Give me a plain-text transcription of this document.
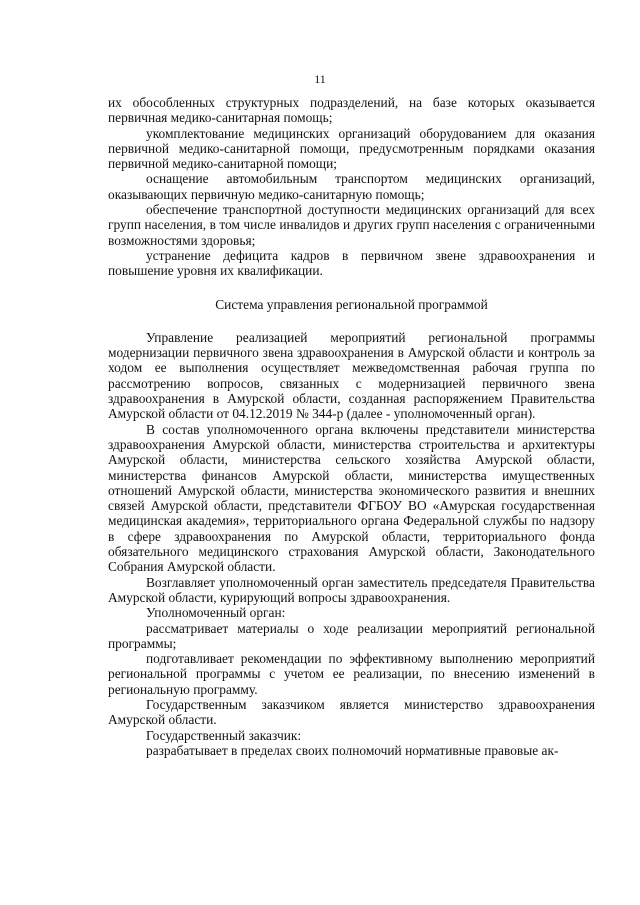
11

их обособленных структурных подразделений, на базе которых оказывается первичная медико-санитарная помощь;

укомплектование медицинских организаций оборудованием для оказания первичной медико-санитарной помощи, предусмотренным порядками оказания первичной медико-санитарной помощи;

оснащение автомобильным транспортом медицинских организаций, оказывающих первичную медико-санитарную помощь;

обеспечение транспортной доступности медицинских организаций для всех групп населения, в том числе инвалидов и других групп населения с ограниченными возможностями здоровья;

устранение дефицита кадров в первичном звене здравоохранения и повышение уровня их квалификации.

Система управления региональной программой

Управление реализацией мероприятий региональной программы модернизации первичного звена здравоохранения в Амурской области и контроль за ходом ее выполнения осуществляет межведомственная рабочая группа по рассмотрению вопросов, связанных с модернизацией первичного звена здравоохранения в Амурской области, созданная распоряжением Правительства Амурской области от 04.12.2019 № 344-р (далее - уполномоченный орган).

В состав уполномоченного органа включены представители министерства здравоохранения Амурской области, министерства строительства и архитектуры Амурской области, министерства сельского хозяйства Амурской области, министерства финансов Амурской области, министерства имущественных отношений Амурской области, министерства экономического развития и внешних связей Амурской области, представители ФГБОУ ВО «Амурская государственная медицинская академия», территориального органа Федеральной службы по надзору в сфере здравоохранения по Амурской области, территориального фонда обязательного медицинского страхования Амурской области, Законодательного Собрания Амурской области.

Возглавляет уполномоченный орган заместитель председателя Правительства Амурской области, курирующий вопросы здравоохранения.

Уполномоченный орган:

рассматривает материалы о ходе реализации мероприятий региональной программы;

подготавливает рекомендации по эффективному выполнению мероприятий региональной программы с учетом ее реализации, по внесению изменений в региональную программу.

Государственным заказчиком является министерство здравоохранения Амурской области.

Государственный заказчик:

разрабатывает в пределах своих полномочий нормативные правовые ак-
